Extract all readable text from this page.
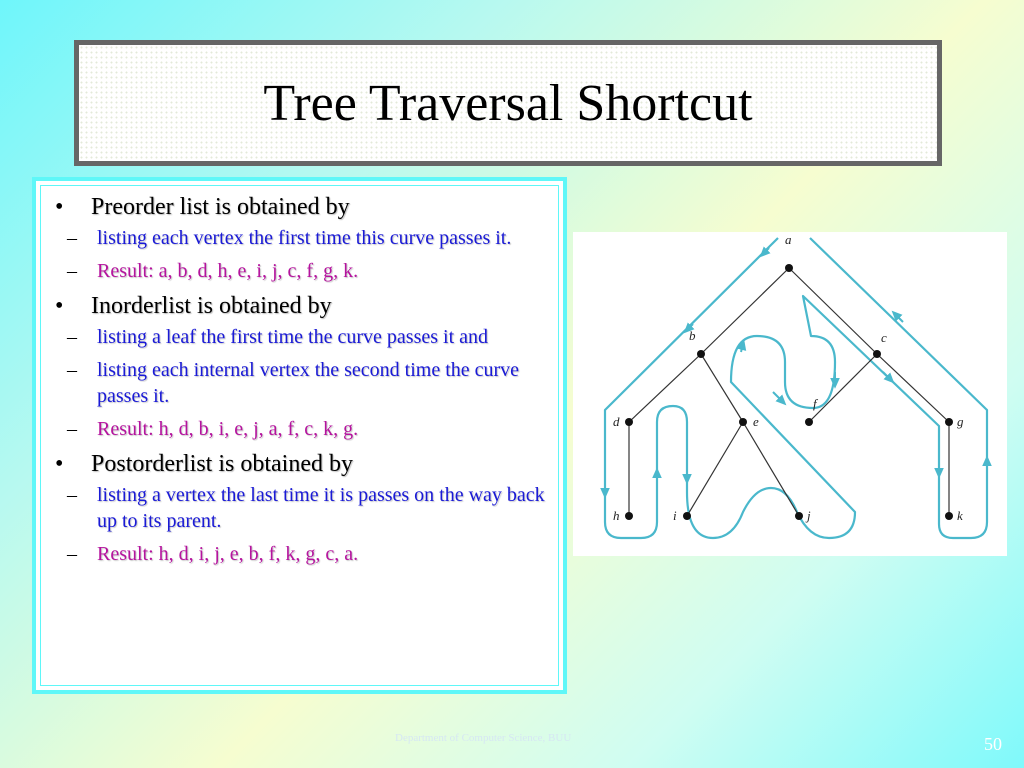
Tree Traversal Shortcut
• Preorder list is obtained by
– listing each vertex the first time this curve passes it.
– Result: a, b, d, h, e, i, j, c, f, g, k.
• Inorderlist is obtained by
– listing a leaf the first time the curve passes it and
– listing each internal vertex the second time the curve passes it.
– Result: h, d, b, i, e, j, a, f, c, k, g.
• Postorderlist is obtained by
– listing a vertex the last time it is passes on the way back up to its parent.
– Result: h, d, i, j, e, b, f, k, g, c, a.
a
b	c
d	e
f
g
h	i	j	k
Department of Computer Science, BUU	50
